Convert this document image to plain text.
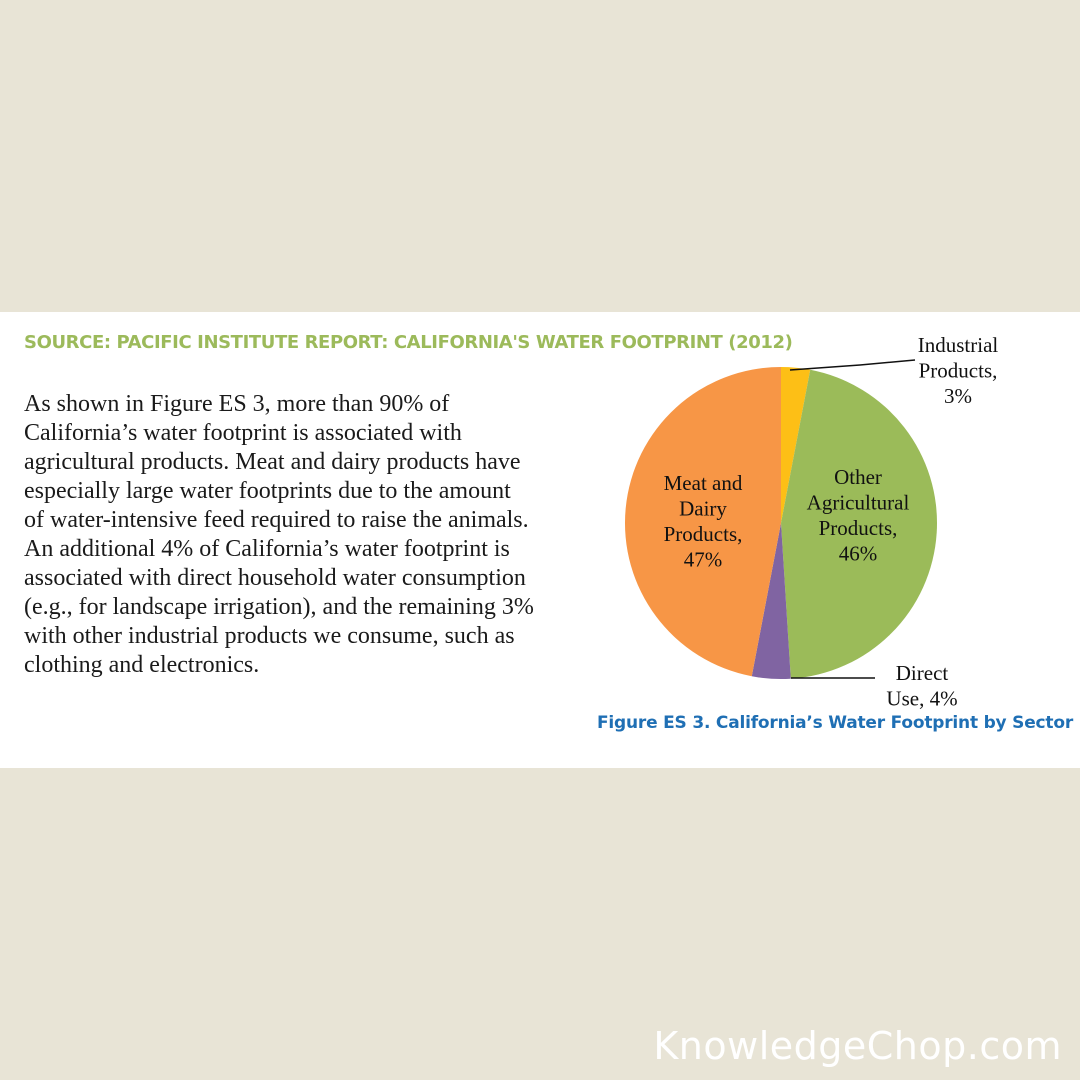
SOURCE: PACIFIC INSTITUTE REPORT: CALIFORNIA'S WATER FOOTPRINT (2012)

As shown in Figure ES 3, more than 90% of California’s water footprint is associated with agricultural products. Meat and dairy products have especially large water footprints due to the amount of water-intensive feed required to raise the animals. An additional 4% of California’s water footprint is associated with direct household water consumption (e.g., for landscape irrigation), and the remaining 3% with other industrial products we consume, such as clothing and electronics.

Industrial Products, 3%
Other Agricultural Products, 46%
Direct Use, 4%
Meat and Dairy Products, 47%
Figure ES 3. California’s Water Footprint by Sector
KnowledgeChop.com
